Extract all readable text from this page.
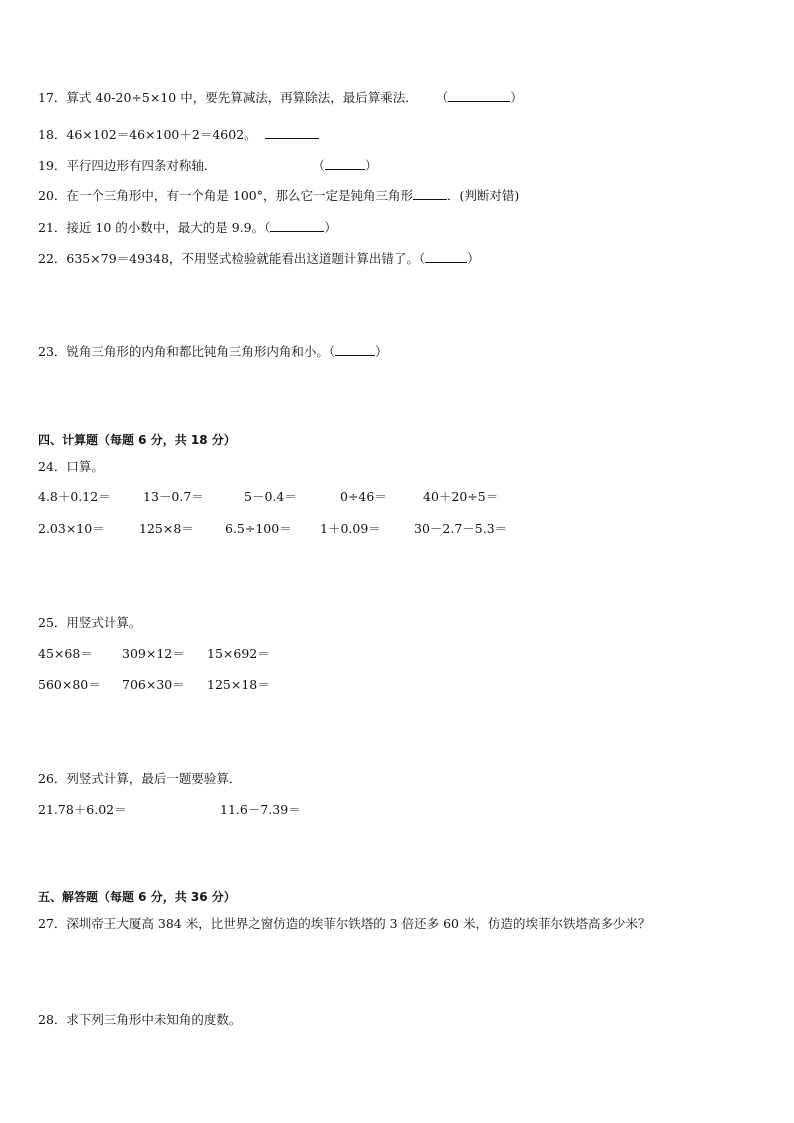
17．算式 40-20÷5×10 中，要先算减法，再算除法，最后算乘法． （	）
18．46×102＝46×100＋2＝4602。
19．平行四边形有四条对称轴．	（	）
20．在一个三角形中，有一个角是 100°，那么它一定是钝角三角形	．(判断对错)
21．接近 10 的小数中，最大的是 9.9。（	）
22．635×79＝49348，不用竖式检验就能看出这道题计算出错了。（	）
23．锐角三角形的内角和都比钝角三角形内角和小。（	）
四、计算题（每题 6 分，共 18 分）
24．口算。
4.8＋0.12＝	13－0.7＝	5－0.4＝	0÷46＝	40＋20÷5＝
2.03×10＝	125×8＝ 6.5÷100＝ 1＋0.09＝	30－2.7－5.3＝
25．用竖式计算。
45×68＝ 309×12＝ 15×692＝
560×80＝ 706×30＝ 125×18＝
26．列竖式计算，最后一题要验算．
21.78＋6.02＝	11.6－7.39＝
五、解答题（每题 6 分，共 36 分）
27．深圳帝王大厦高 384 米，比世界之窗仿造的埃菲尔铁塔的 3 倍还多 60 米，仿造的埃菲尔铁塔高多少米？
28．求下列三角形中未知角的度数。
